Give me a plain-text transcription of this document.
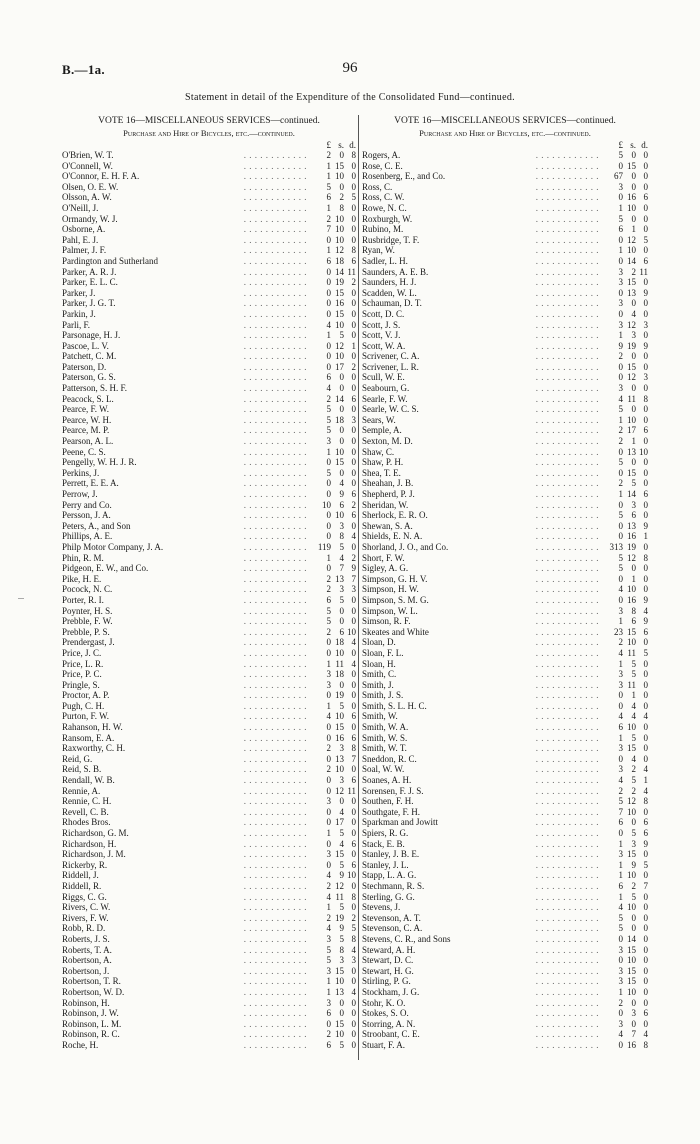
B.—1a.	96
Statement in detail of the Expenditure of the Consolidated Fund—continued.
VOTE 16—MISCELLANEOUS SERVICES—continued.
Purchase and Hire of Bicycles, etc.—continued.
£ s. d.
O'Brien, W. T. . .	2 0 8
O'Connell, W. . .	1 15 0
O'Connor, E. H. F. A. . .	1 10 0
Olsen, O. E. W. . .	5 0 0
Olsson, A. W. . .	6 2 5
O'Neill, J. . .	1 8 0
Ormandy, W. J. . .	2 10 0
Osborne, A. . .	7 10 0
Pahl, E. J. . .	0 10 0
Palmer, J. F. . .	1 12 8
Pardington and Sutherland . .	6 18 6
Parker, A. R. J. . .	0 14 11
Parker, E. L. C. . .	0 19 2
Parker, J. . .	0 15 0
Parker, J. G. T. . .	0 16 0
Parkin, J. . .	0 15 0
Parli, F. . .	4 10 0
Parsonage, H. J. . .	1 5 0
Pascoe, L. V. . .	0 12 1
Patchett, C. M. . .	0 10 0
Paterson, D. . .	0 17 2
Paterson, G. S. . .	6 0 0
Patterson, S. H. F. . .	4 0 0
Peacock, S. L. . .	2 14 6
Pearce, F. W. . .	5 0 0
Pearce, W. H. . .	5 18 3
Pearce, M. P. . .	5 0 0
Pearson, A. L. . .	3 0 0
Peene, C. S. . .	1 10 0
Pengelly, W. H. J. R. . .	0 15 0
Perkins, J. . .	5 0 0
Perrett, E. E. A. . .	0 4 0
Perrow, J. . .	0 9 6
Perry and Co. . .	10 6 2
Persson, J. A. . .	0 10 6
Peters, A., and Son . .	0 3 0
Phillips, A. E. . .	0 8 4
Philp Motor Company, J. A. . .	119 5 0
Phin, R. M. . .	1 4 2
Pidgeon, E. W., and Co. . .	0 7 9
Pike, H. E. . .	2 13 7
Pocock, N. C. . .	2 3 3
Porter, R. I. . .	6 5 0
Poynter, H. S. . .	5 0 0
Prebble, F. W. . .	5 0 0
Prebble, P. S. . .	2 6 10
Prendergast, J. . .	0 18 4
Price, J. C. . .	0 10 0
Price, L. R. . .	1 11 4
Price, P. C. . .	3 18 0
Pringle, S. . .	3 0 0
Proctor, A. P. . .	0 19 0
Pugh, C. H. . .	1 5 0
Purton, F. W. . .	4 10 6
Rahanson, H. W. . .	0 15 0
Ransom, E. A. . .	0 16 6
Raxworthy, C. H. . .	2 3 8
Reid, G. . .	0 13 7
Reid, S. B. . .	2 10 0
Rendall, W. B. . .	0 3 6
Rennie, A. . .	0 12 11
Rennie, C. H. . .	3 0 0
Revell, C. B. . .	0 4 0
Rhodes Bros. . .	0 17 0
Richardson, G. M. . .	1 5 0
Richardson, H. . .	0 4 6
Richardson, J. M. . .	3 15 0
Rickerby, R. . .	0 5 6
Riddell, J. . .	4 9 10
Riddell, R. . .	2 12 0
Riggs, C. G. . .	4 11 8
Rivers, C. W. . .	1 5 0
Rivers, F. W. . .	2 19 2
Robb, R. D. . .	4 9 5
Roberts, J. S. . .	3 5 8
Roberts, T. A. . .	5 8 4
Robertson, A. . .	5 3 3
Robertson, J. . .	3 15 0
Robertson, T. R. . .	1 10 0
Robertson, W. D. . .	1 13 4
Robinson, H. . .	3 0 0
Robinson, J. W. . .	6 0 0
Robinson, L. M. . .	0 15 0
Robinson, R. C. . .	2 10 0
Roche, H. . .	6 5 0
VOTE 16—MISCELLANEOUS SERVICES—continued.
Purchase and Hire of Bicycles, etc.—continued.
£ s. d.
Rogers, A. . .	5 0 0
Rose, C. E. . .	0 15 0
Rosenberg, E., and Co. . .	67 0 0
Ross, C. . .	3 0 0
Ross, C. W. . .	0 16 6
Rowe, N. C. . .	1 10 0
Roxburgh, W. . .	5 0 0
Rubino, M. . .	6 1 0
Rusbridge, T. F. . .	0 12 5
Ryan, W. . .	1 10 0
Sadler, L. H. . .	0 14 6
Saunders, A. E. B. . .	3 2 11
Saunders, H. J. . .	3 15 0
Scadden, W. L. . .	0 13 9
Schauman, D. T. . .	3 0 0
Scott, D. C. . .	0 4 0
Scott, J. S. . .	3 12 3
Scott, V. J. . .	1 3 0
Scott, W. A. . .	9 19 9
Scrivener, C. A. . .	2 0 0
Scrivener, L. R. . .	0 15 0
Scull, W. E. . .	0 12 3
Seabourn, G. . .	3 0 0
Searle, F. W. . .	4 11 8
Searle, W. C. S. . .	5 0 0
Sears, W. . .	1 10 0
Semple, A. . .	2 17 6
Sexton, M. D. . .	2 1 0
Shaw, C. . .	0 13 10
Shaw, P. H. . .	5 0 0
Shea, T. E. . .	0 15 0
Sheahan, J. B. . .	2 5 0
Shepherd, P. J. . .	1 14 6
Sheridan, W. . .	0 3 0
Sherlock, E. R. O. . .	5 6 0
Shewan, S. A. . .	0 13 9
Shields, E. N. A. . .	0 16 1
Shorland, J. O., and Co. . .	313 19 0
Short, F. W. . .	5 12 8
Sigley, A. G. . .	5 0 0
Simpson, G. H. V. . .	0 1 0
Simpson, H. W. . .	4 10 0
Simpson, S. M. G. . .	0 16 9
Simpson, W. L. . .	3 8 4
Simson, R. F. . .	1 6 9
Skeates and White . .	23 15 6
Sloan, D. . .	2 10 0
Sloan, F. L. . .	4 11 5
Sloan, H. . .	1 5 0
Smith, C. . .	3 5 0
Smith, J. . .	3 11 0
Smith, J. S. . .	0 1 0
Smith, S. L. H. C. . .	0 4 0
Smith, W. . .	4 4 4
Smith, W. A. . .	6 10 0
Smith, W. S. . .	1 5 0
Smith, W. T. . .	3 15 0
Sneddon, R. C. . .	0 4 0
Soal, W. W. . .	3 2 4
Soanes, A. H. . .	4 5 1
Sorensen, F. J. S. . .	2 2 4
Southen, F. H. . .	5 12 8
Southgate, F. H. . .	7 10 0
Sparkman and Jowitt . .	6 0 6
Spiers, R. G. . .	0 5 6
Stack, E. B. . .	1 3 9
Stanley, J. B. E. . .	3 15 0
Stanley, J. L. . .	1 9 5
Stapp, L. A. G. . .	1 10 0
Stechmann, R. S. . .	6 2 7
Sterling, G. G. . .	1 5 0
Stevens, J. . .	4 10 0
Stevenson, A. T. . .	5 0 0
Stevenson, C. A. . .	5 0 0
Stevens, C. R., and Sons . .	0 14 0
Steward, A. H. . .	3 15 0
Stewart, D. C. . .	0 10 0
Stewart, H. G. . .	3 15 0
Stirling, P. G. . .	3 15 0
Stockham, J. G. . .	1 10 0
Stohr, K. O. . .	2 0 0
Stokes, S. O. . .	0 3 6
Storring, A. N. . .	3 0 0
Stroobant, C. E. . .	4 7 4
Stuart, F. A. . .	0 16 8
